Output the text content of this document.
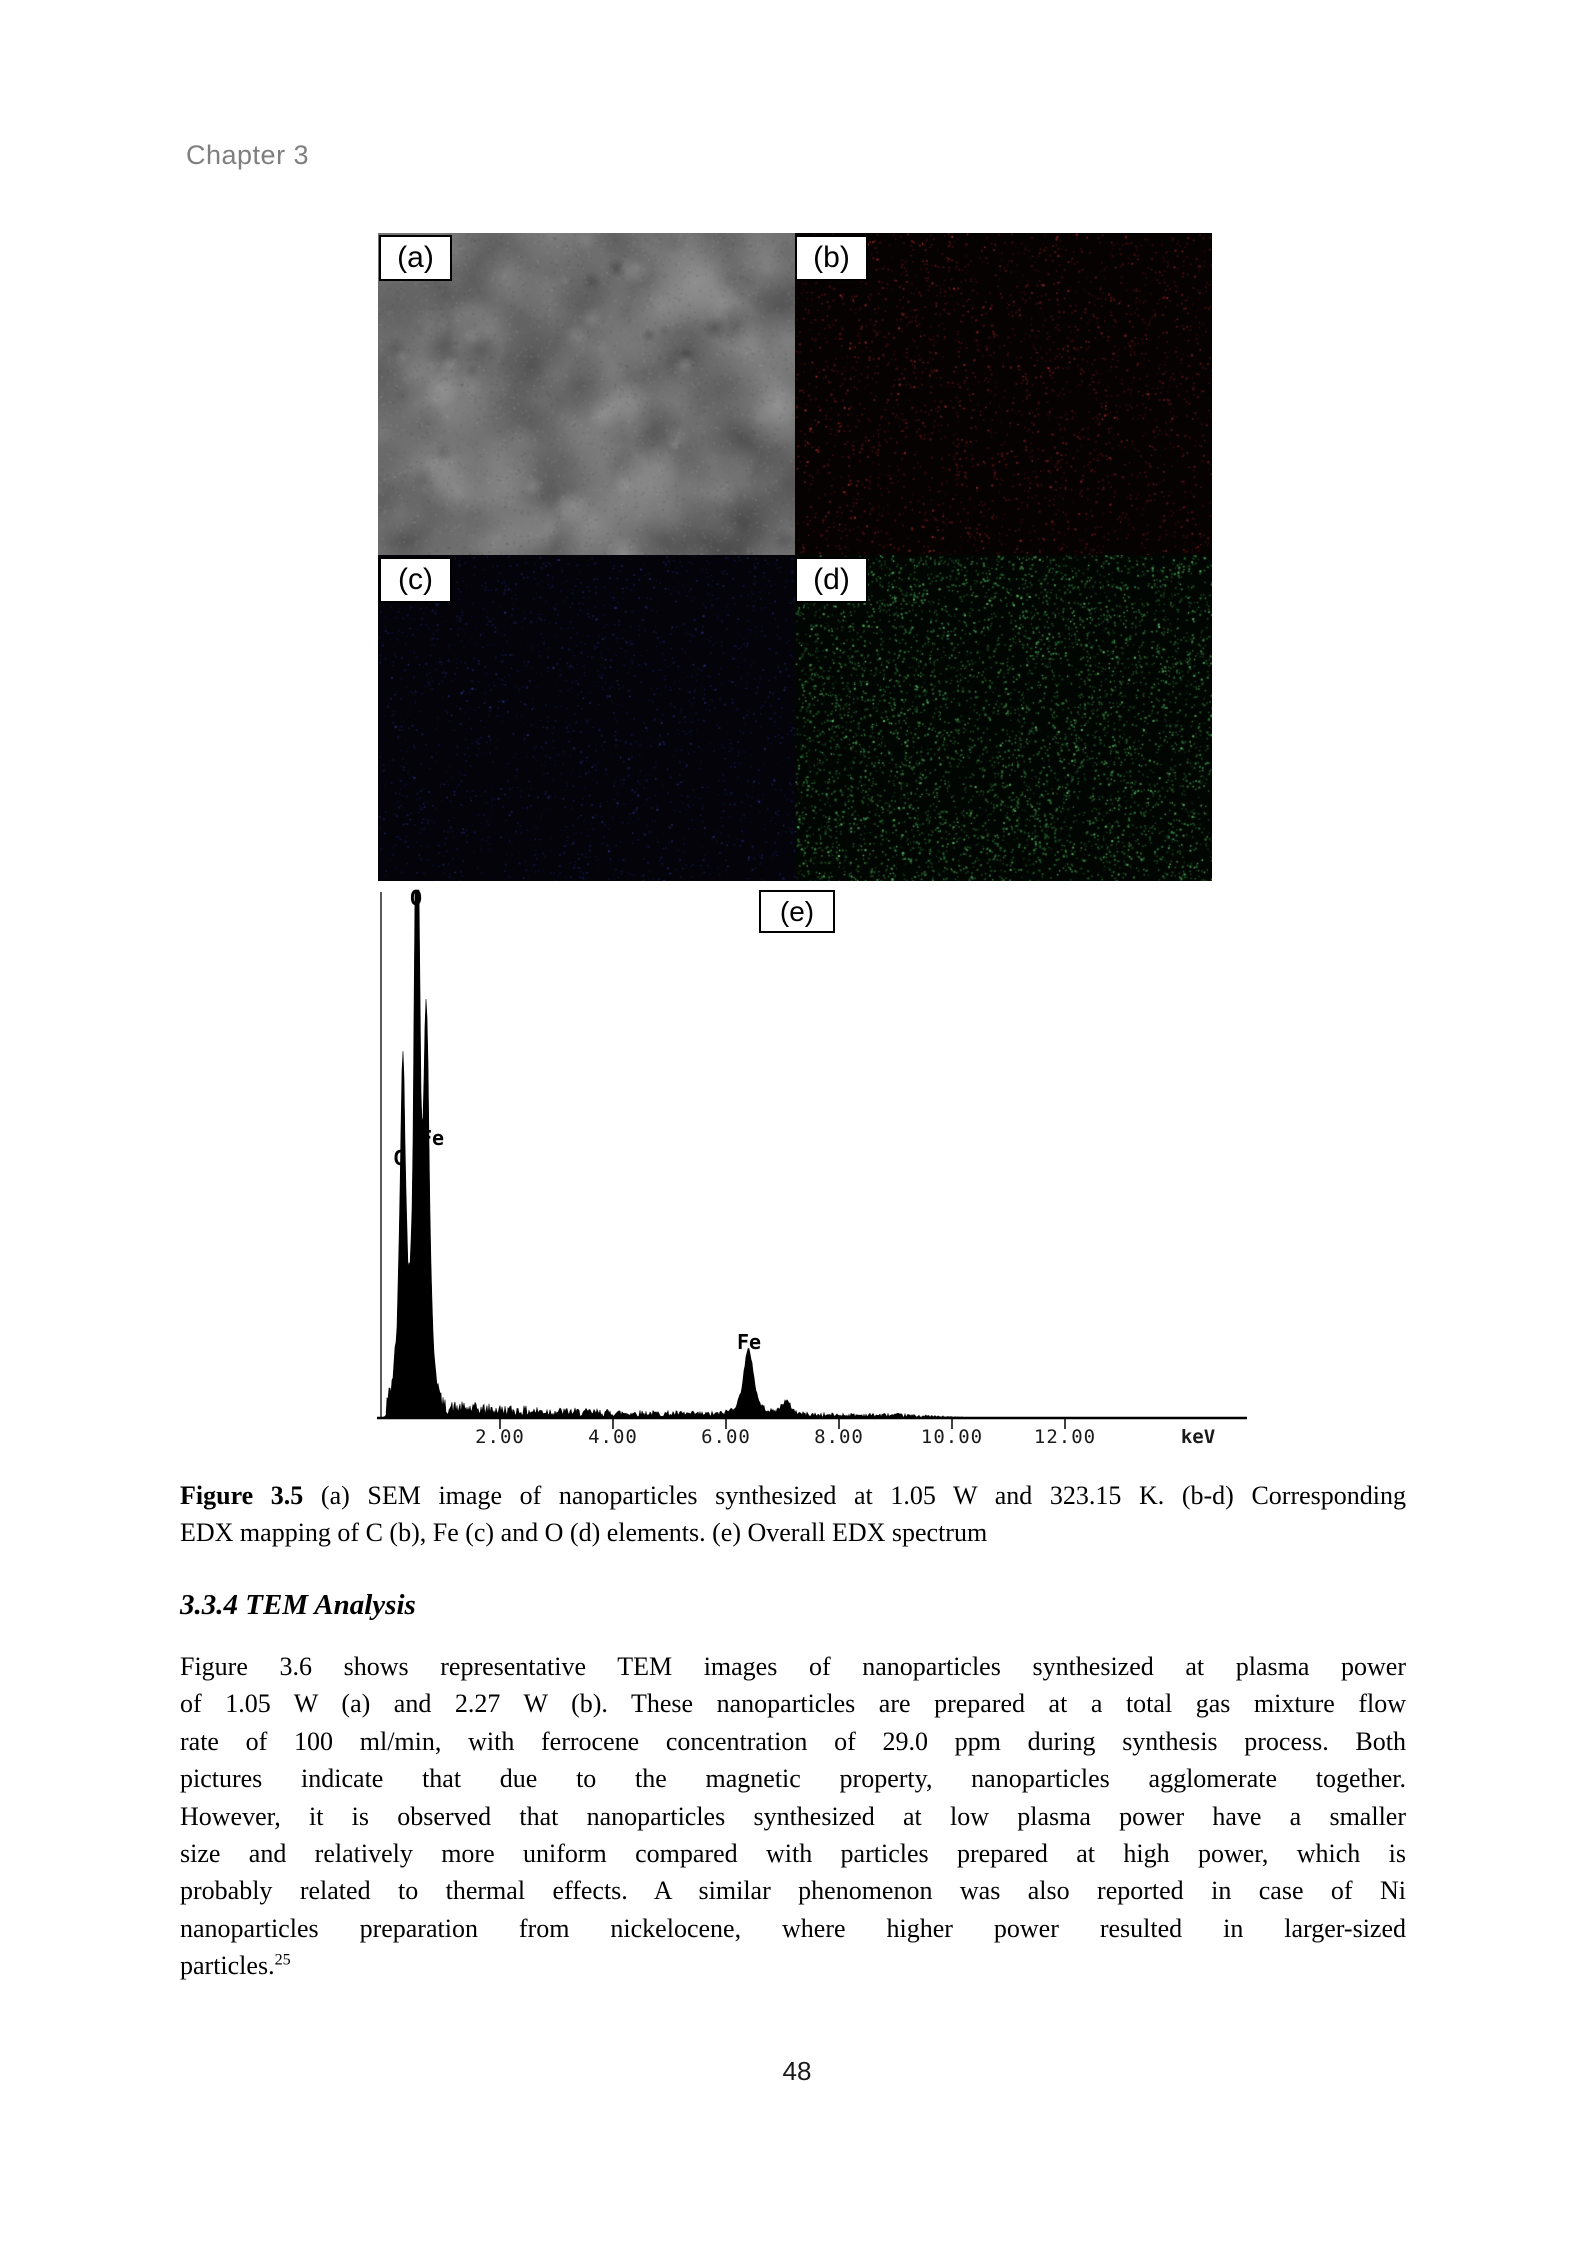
Chapter 3
(a)	(b)
(c)	(d)
(e)
2.00	4.00	6.00	8.00	10.00	12.00	keV
C
O
Fe
Fe
Figure 3.5 (a) SEM image of nanoparticles synthesized at 1.05 W and 323.15 K. (b-d) Corresponding
EDX mapping of C (b), Fe (c) and O (d) elements. (e) Overall EDX spectrum
3.3.4 TEM Analysis
Figure 3.6 shows representative TEM images of nanoparticles synthesized at plasma power
of 1.05 W (a) and 2.27 W (b). These nanoparticles are prepared at a total gas mixture flow
rate of 100 ml/min, with ferrocene concentration of 29.0 ppm during synthesis process. Both
pictures indicate that due to the magnetic property, nanoparticles agglomerate together.
However, it is observed that nanoparticles synthesized at low plasma power have a smaller
size and relatively more uniform compared with particles prepared at high power, which is
probably related to thermal effects. A similar phenomenon was also reported in case of Ni
nanoparticles preparation from nickelocene, where higher power resulted in larger-sized
particles.$^{25}$
48
